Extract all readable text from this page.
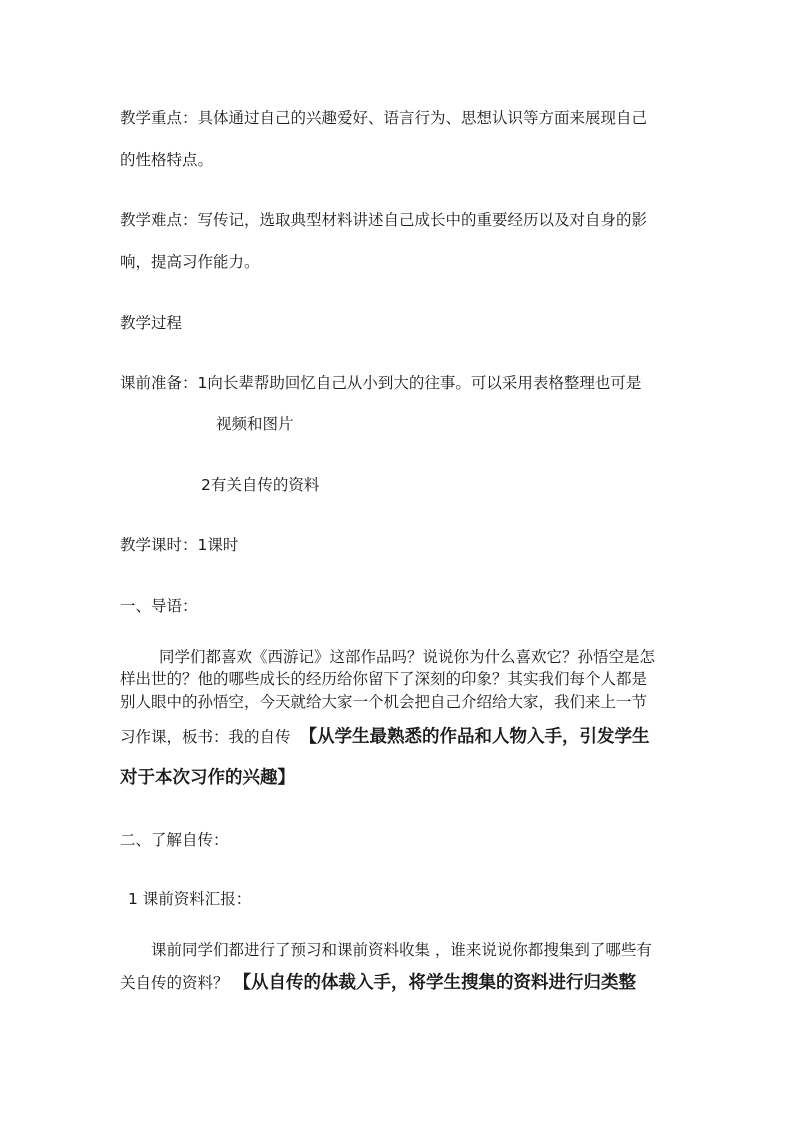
教学重点：具体通过自己的兴趣爱好、语言行为、思想认识等方面来展现自己
的性格特点。
教学难点：写传记，选取典型材料讲述自己成长中的重要经历以及对自身的影
响，提高习作能力。
教学过程
课前准备：1向长辈帮助回忆自己从小到大的往事。可以采用表格整理也可是
视频和图片
2有关自传的资料
教学课时：1课时
一、导语：
同学们都喜欢《西游记》这部作品吗？说说你为什么喜欢它？孙悟空是怎
样出世的？他的哪些成长的经历给你留下了深刻的印象？其实我们每个人都是
别人眼中的孙悟空，今天就给大家一个机会把自己介绍给大家，我们来上一节
习作课，板书：我的自传 【从学生最熟悉的作品和人物入手，引发学生
对于本次习作的兴趣】
二、了解自传：
1 课前资料汇报：
课前同学们都进行了预习和课前资料收集 ，谁来说说你都搜集到了哪些有
关自传的资料？ 【从自传的体裁入手，将学生搜集的资料进行归类整
